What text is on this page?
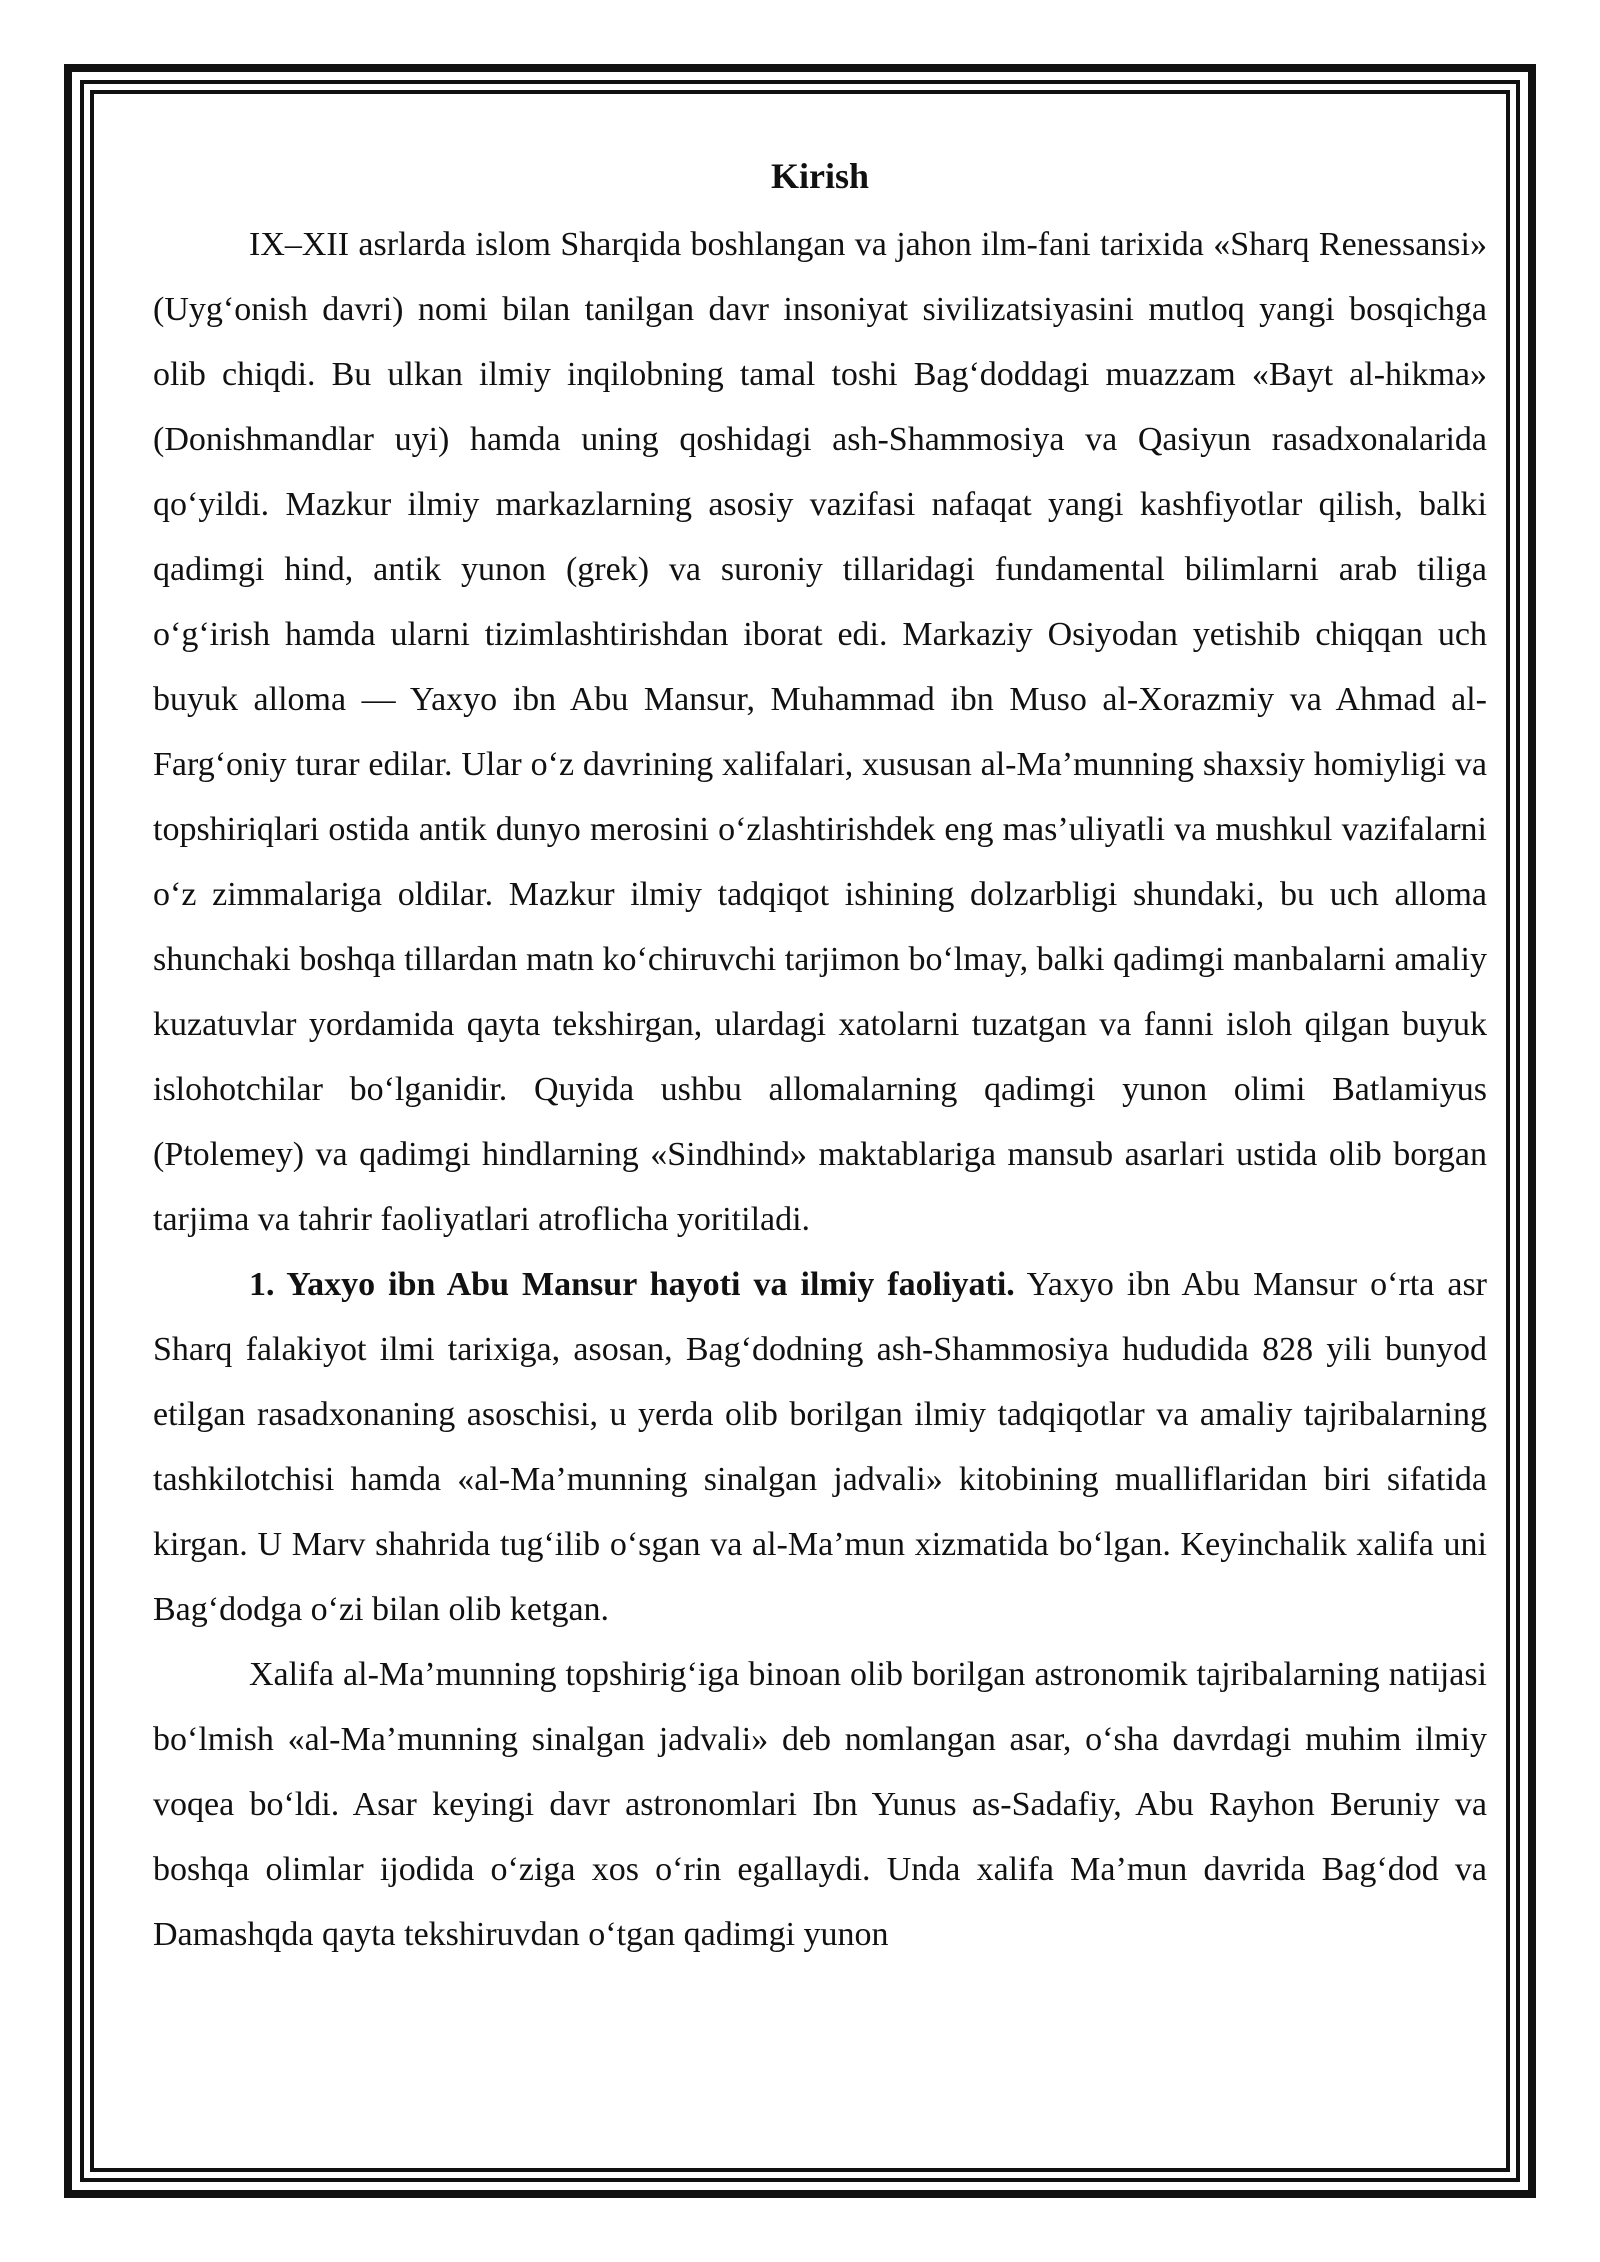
Kirish

IX–XII asrlarda islom Sharqida boshlangan va jahon ilm-fani tarixida «Sharq Renessansi» (Uyg‘onish davri) nomi bilan tanilgan davr insoniyat sivilizatsiyasini mutloq yangi bosqichga olib chiqdi. Bu ulkan ilmiy inqilobning tamal toshi Bag‘doddagi muazzam «Bayt al-hikma» (Donishmandlar uyi) hamda uning qoshidagi ash-Shammosiya va Qasiyun rasadxonalarida qo‘yildi. Mazkur ilmiy markazlarning asosiy vazifasi nafaqat yangi kashfiyotlar qilish, balki qadimgi hind, antik yunon (grek) va suroniy tillaridagi fundamental bilimlarni arab tiliga o‘g‘irish hamda ularni tizimlashtirishdan iborat edi. Markaziy Osiyodan yetishib chiqqan uch buyuk alloma — Yaxyo ibn Abu Mansur, Muhammad ibn Muso al-Xorazmiy va Ahmad al-Farg‘oniy turar edilar. Ular o‘z davrining xalifalari, xususan al-Ma’munning shaxsiy homiyligi va topshiriqlari ostida antik dunyo merosini o‘zlashtirishdek eng mas’uliyatli va mushkul vazifalarni o‘z zimmalariga oldilar. Mazkur ilmiy tadqiqot ishining dolzarbligi shundaki, bu uch alloma shunchaki boshqa tillardan matn ko‘chiruvchi tarjimon bo‘lmay, balki qadimgi manbalarni amaliy kuzatuvlar yordamida qayta tekshirgan, ulardagi xatolarni tuzatgan va fanni isloh qilgan buyuk islohotchilar bo‘lganidir. Quyida ushbu allomalarning qadimgi yunon olimi Batlamiyus (Ptolemey) va qadimgi hindlarning «Sindhind» maktablariga mansub asarlari ustida olib borgan tarjima va tahrir faoliyatlari atroflicha yoritiladi.

1. Yaxyo ibn Abu Mansur hayoti va ilmiy faoliyati. Yaxyo ibn Abu Mansur o‘rta asr Sharq falakiyot ilmi tarixiga, asosan, Bag‘dodning ash-Shammosiya hududida 828 yili bunyod etilgan rasadxonaning asoschisi, u yerda olib borilgan ilmiy tadqiqotlar va amaliy tajribalarning tashkilotchisi hamda «al-Ma’munning sinalgan jadvali» kitobining mualliflaridan biri sifatida kirgan. U Marv shahrida tug‘ilib o‘sgan va al-Ma’mun xizmatida bo‘lgan. Keyinchalik xalifa uni Bag‘dodga o‘zi bilan olib ketgan.

Xalifa al-Ma’munning topshirig‘iga binoan olib borilgan astronomik tajribalarning natijasi bo‘lmish «al-Ma’munning sinalgan jadvali» deb nomlangan asar, o‘sha davrdagi muhim ilmiy voqea bo‘ldi. Asar keyingi davr astronomlari Ibn Yunus as-Sadafiy, Abu Rayhon Beruniy va boshqa olimlar ijodida o‘ziga xos o‘rin egallaydi. Unda xalifa Ma’mun davrida Bag‘dod va Damashqda qayta tekshiruvdan o‘tgan qadimgi yunon
